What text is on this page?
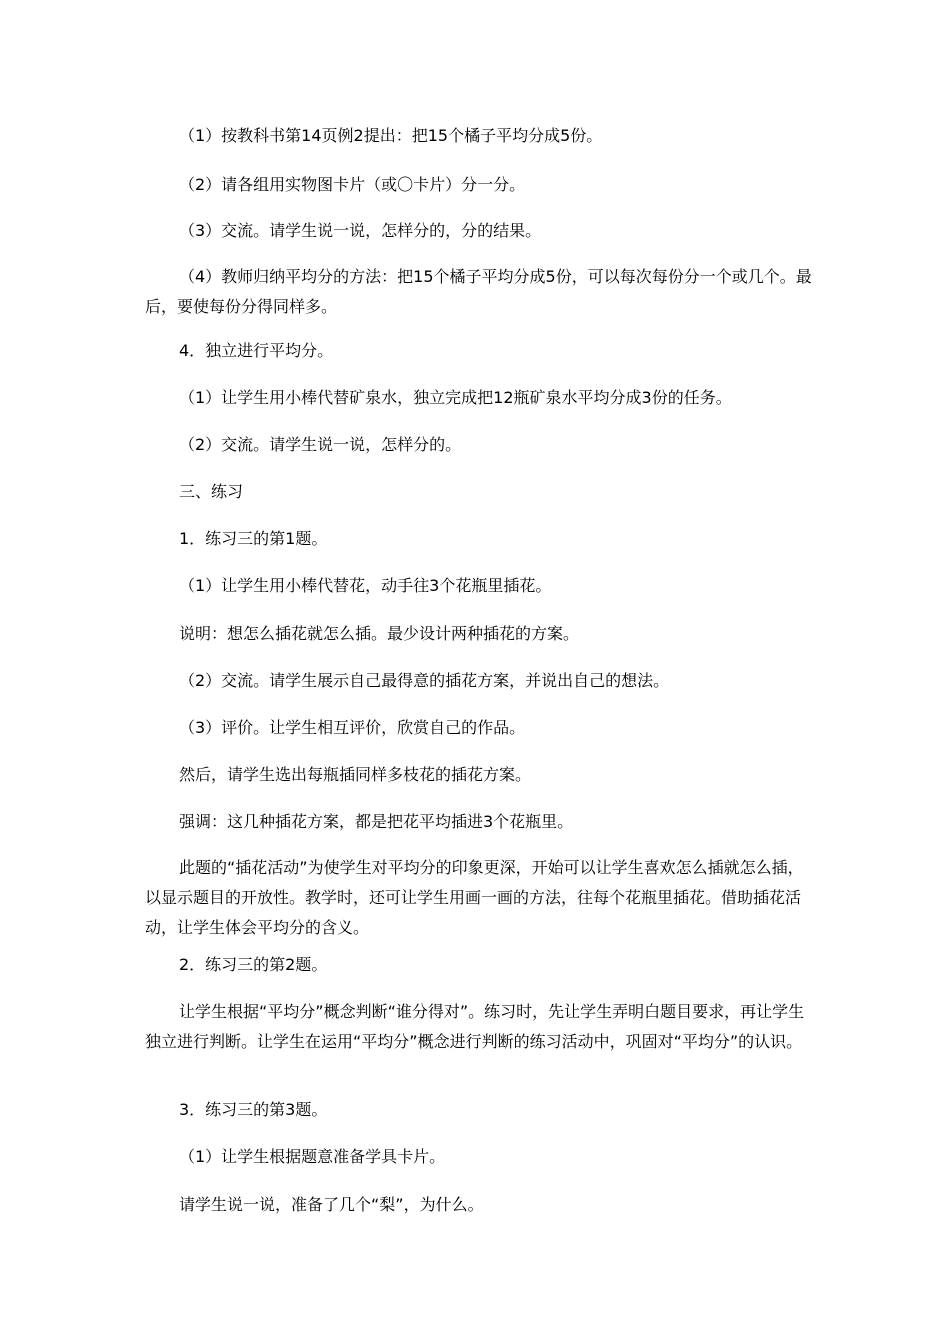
（1）按教科书第14页例2提出：把15个橘子平均分成5份。

（2）请各组用实物图卡片（或〇卡片）分一分。

（3）交流。请学生说一说，怎样分的，分的结果。

（4）教师归纳平均分的方法：把15个橘子平均分成5份，可以每次每份分一个或几个。最后，要使每份分得同样多。

4．独立进行平均分。

（1）让学生用小棒代替矿泉水，独立完成把12瓶矿泉水平均分成3份的任务。

（2）交流。请学生说一说，怎样分的。

三、练习

1．练习三的第1题。

（1）让学生用小棒代替花，动手往3个花瓶里插花。

说明：想怎么插花就怎么插。最少设计两种插花的方案。

（2）交流。请学生展示自己最得意的插花方案，并说出自己的想法。

（3）评价。让学生相互评价，欣赏自己的作品。

然后，请学生选出每瓶插同样多枝花的插花方案。

强调：这几种插花方案，都是把花平均插进3个花瓶里。

此题的“插花活动”为使学生对平均分的印象更深，开始可以让学生喜欢怎么插就怎么插，以显示题目的开放性。教学时，还可让学生用画一画的方法，往每个花瓶里插花。借助插花活动，让学生体会平均分的含义。

2．练习三的第2题。

让学生根据“平均分”概念判断“谁分得对”。练习时，先让学生弄明白题目要求，再让学生独立进行判断。让学生在运用“平均分”概念进行判断的练习活动中，巩固对“平均分”的认识。

3．练习三的第3题。

（1）让学生根据题意准备学具卡片。

请学生说一说，准备了几个“梨”，为什么。
